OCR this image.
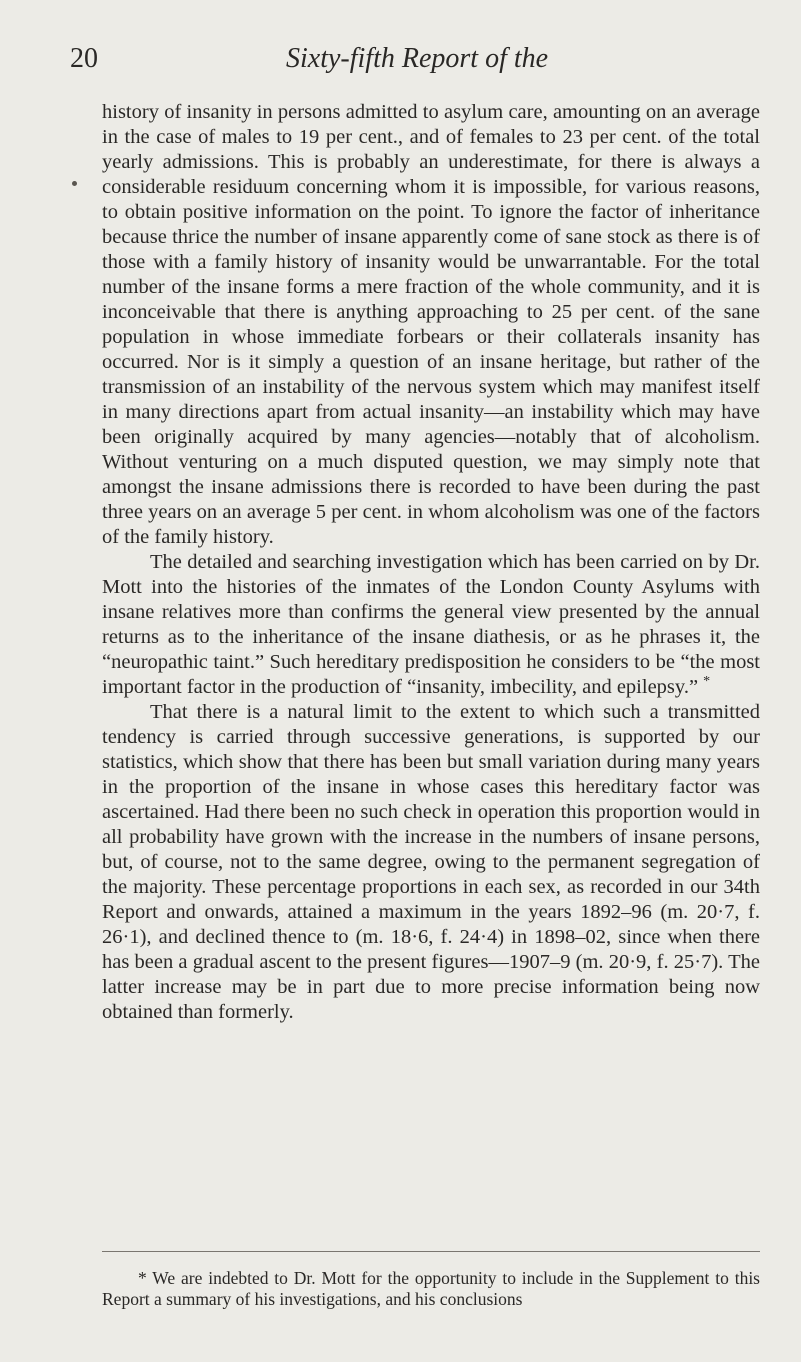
20	Sixty-fifth Report of the

history of insanity in persons admitted to asylum care, amounting on an average in the case of males to 19 per cent., and of females to 23 per cent. of the total yearly admissions. This is probably an underestimate, for there is always a considerable residuum concerning whom it is impossible, for various reasons, to obtain positive information on the point. To ignore the factor of inheritance because thrice the number of insane apparently come of sane stock as there is of those with a family history of insanity would be unwarrantable. For the total number of the insane forms a mere fraction of the whole community, and it is inconceivable that there is anything approaching to 25 per cent. of the sane population in whose immediate forbears or their collaterals insanity has occurred. Nor is it simply a question of an insane heritage, but rather of the transmission of an instability of the nervous system which may manifest itself in many directions apart from actual insanity—an instability which may have been originally acquired by many agencies—notably that of alcoholism. Without venturing on a much disputed question, we may simply note that amongst the insane admissions there is recorded to have been during the past three years on an average 5 per cent. in whom alcoholism was one of the factors of the family history.

The detailed and searching investigation which has been carried on by Dr. Mott into the histories of the inmates of the London County Asylums with insane relatives more than confirms the general view presented by the annual returns as to the inheritance of the insane diathesis, or as he phrases it, the “neuropathic taint.” Such hereditary predisposition he considers to be “the most important factor in the production of “insanity, imbecility, and epilepsy.” *

That there is a natural limit to the extent to which such a transmitted tendency is carried through successive generations, is supported by our statistics, which show that there has been but small variation during many years in the proportion of the insane in whose cases this hereditary factor was ascertained. Had there been no such check in operation this proportion would in all probability have grown with the increase in the numbers of insane persons, but, of course, not to the same degree, owing to the permanent segregation of the majority. These percentage proportions in each sex, as recorded in our 34th Report and onwards, attained a maximum in the years 1892–96 (m. 20·7, f. 26·1), and declined thence to (m. 18·6, f. 24·4) in 1898–02, since when there has been a gradual ascent to the present figures—1907–9 (m. 20·9, f. 25·7). The latter increase may be in part due to more precise information being now obtained than formerly.

* We are indebted to Dr. Mott for the opportunity to include in the Supplement to this Report a summary of his investigations, and his conclusions
